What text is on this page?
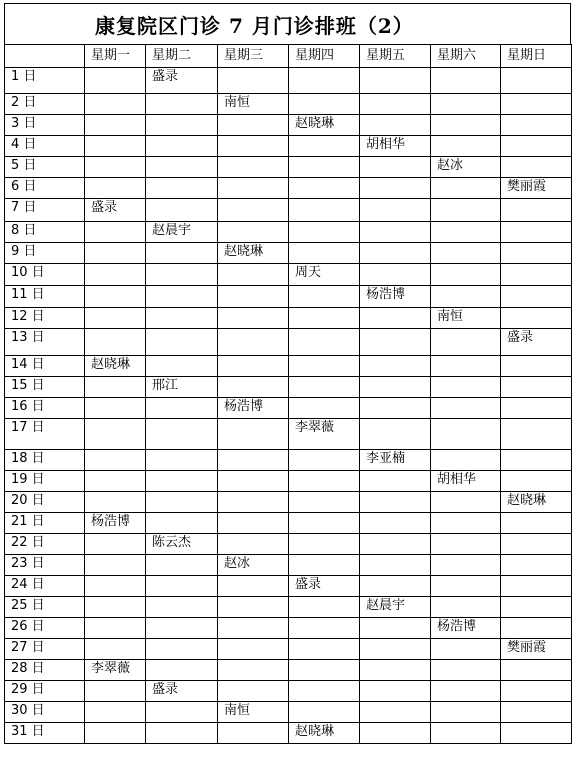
康复院区门诊 7 月门诊排班（2）
	星期一	星期二	星期三	星期四	星期五	星期六	星期日
1 日		盛录					
2 日			南恒				
3 日				赵晓琳			
4 日					胡相华		
5 日						赵冰	
6 日							樊丽霞
7 日	盛录						
8 日		赵晨宇					
9 日			赵晓琳				
10 日				周天			
11 日					杨浩博		
12 日						南恒	
13 日							盛录
14 日	赵晓琳						
15 日		邢江					
16 日			杨浩博				
17 日				李翠薇			
18 日					李亚楠		
19 日						胡相华	
20 日							赵晓琳
21 日	杨浩博						
22 日		陈云杰					
23 日			赵冰				
24 日				盛录			
25 日					赵晨宇		
26 日						杨浩博	
27 日							樊丽霞
28 日	李翠薇						
29 日		盛录					
30 日			南恒				
31 日				赵晓琳			
